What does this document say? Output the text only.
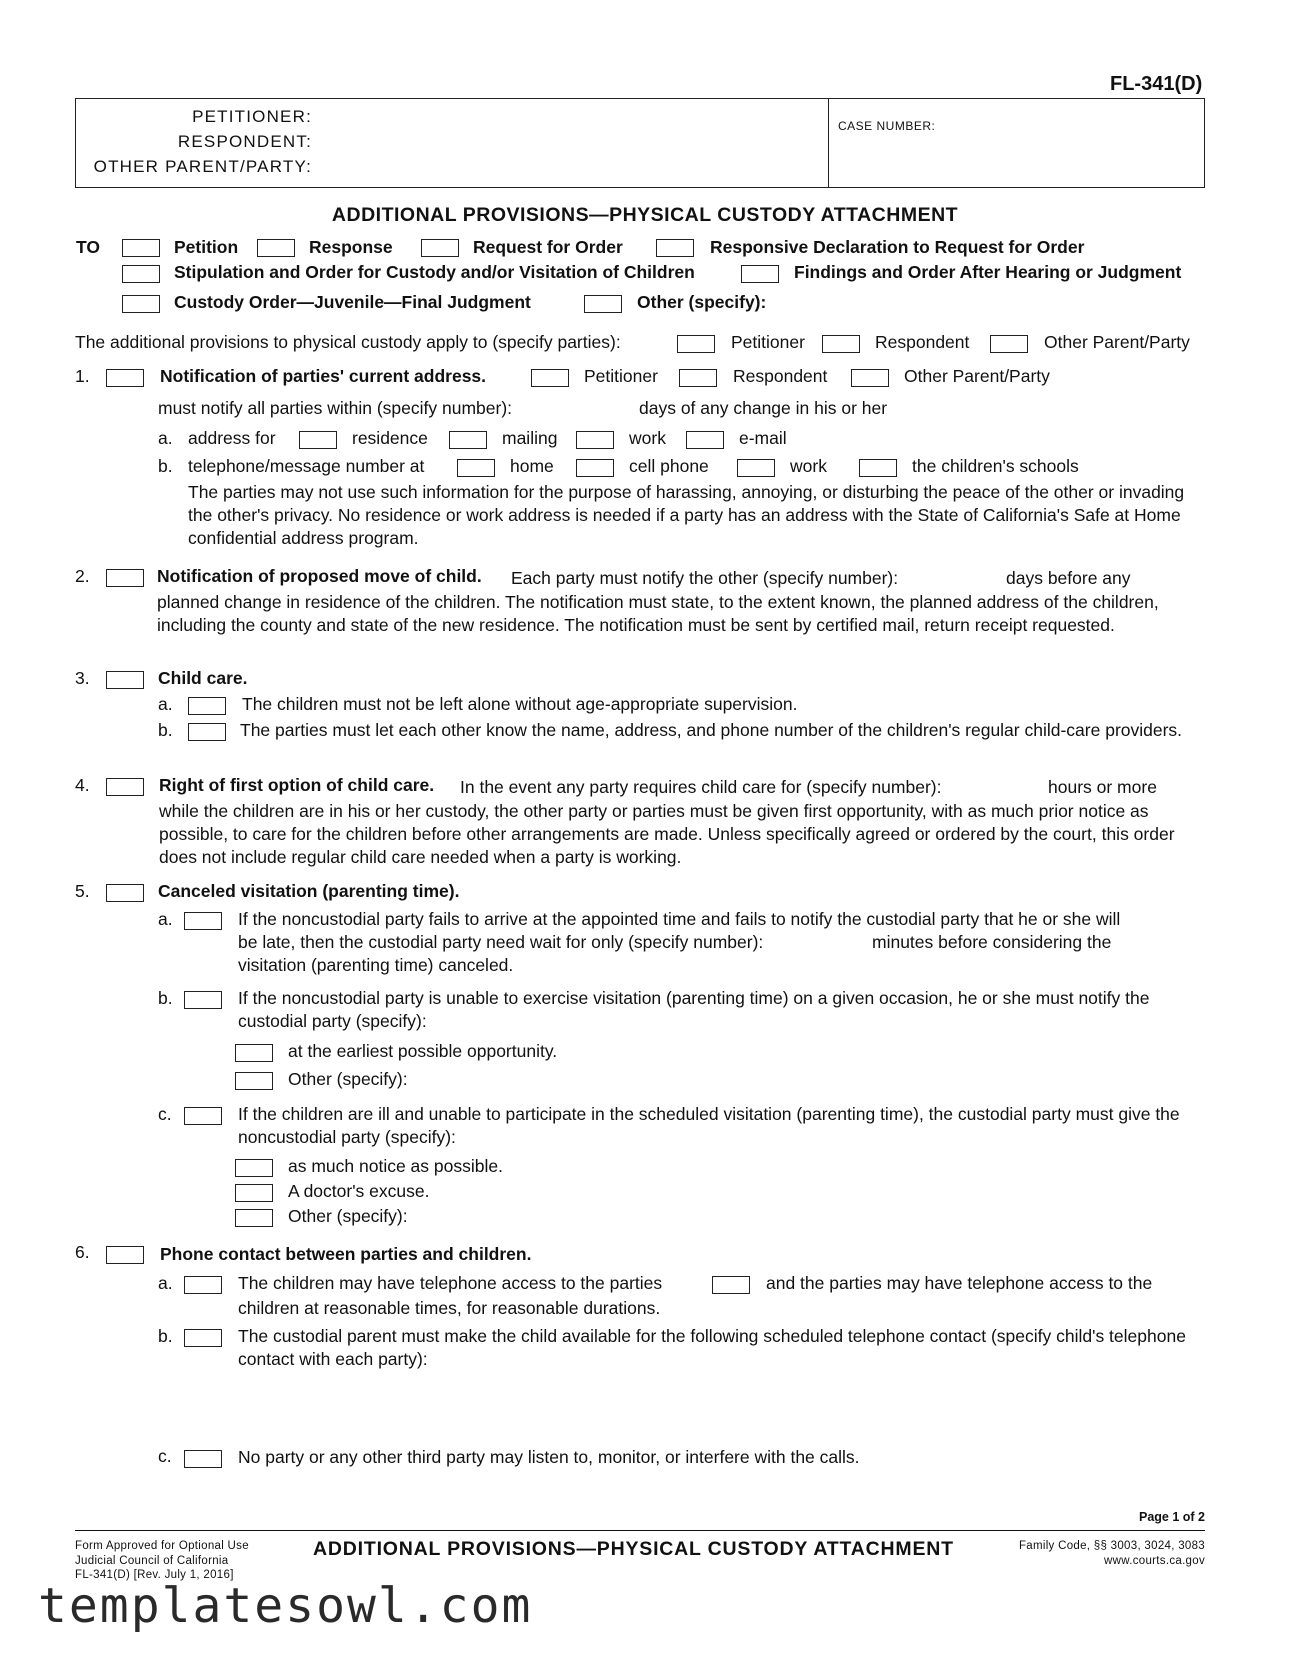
FL-341(D)
PETITIONER:
RESPONDENT:
OTHER PARENT/PARTY:
CASE NUMBER:
ADDITIONAL PROVISIONS—PHYSICAL CUSTODY ATTACHMENT
TO	Petition	Response	Request for Order	Responsive Declaration to Request for Order
Stipulation and Order for Custody and/or Visitation of Children	Findings and Order After Hearing or Judgment
Custody Order—Juvenile—Final Judgment	Other (specify):
The additional provisions to physical custody apply to (specify parties):	Petitioner	Respondent	Other Parent/Party
1.	Notification of parties' current address.	Petitioner	Respondent	Other Parent/Party
must notify all parties within (specify number):	days of any change in his or her
a. address for	residence	mailing	work	e-mail
b. telephone/message number at	home	cell phone	work	the children's schools
The parties may not use such information for the purpose of harassing, annoying, or disturbing the peace of the other or invading the other's privacy. No residence or work address is needed if a party has an address with the State of California's Safe at Home confidential address program.
2.	Notification of proposed move of child. Each party must notify the other (specify number):	days before any
planned change in residence of the children. The notification must state, to the extent known, the planned address of the children, including the county and state of the new residence. The notification must be sent by certified mail, return receipt requested.
3.	Child care.
a.	The children must not be left alone without age-appropriate supervision.
b.	The parties must let each other know the name, address, and phone number of the children's regular child-care providers.
4.	Right of first option of child care. In the event any party requires child care for (specify number):	hours or more
while the children are in his or her custody, the other party or parties must be given first opportunity, with as much prior notice as possible, to care for the children before other arrangements are made. Unless specifically agreed or ordered by the court, this order does not include regular child care needed when a party is working.
5.	Canceled visitation (parenting time).
a.	If the noncustodial party fails to arrive at the appointed time and fails to notify the custodial party that he or she will
be late, then the custodial party need wait for only (specify number):	minutes before considering the
visitation (parenting time) canceled.
b.	If the noncustodial party is unable to exercise visitation (parenting time) on a given occasion, he or she must notify the custodial party (specify):
at the earliest possible opportunity.
Other (specify):
c.	If the children are ill and unable to participate in the scheduled visitation (parenting time), the custodial party must give the noncustodial party (specify):
as much notice as possible.
A doctor's excuse.
Other (specify):
6.	Phone contact between parties and children.
a.	The children may have telephone access to the parties	and the parties may have telephone access to the
children at reasonable times, for reasonable durations.
b.	The custodial parent must make the child available for the following scheduled telephone contact (specify child's telephone contact with each party):
c.	No party or any other third party may listen to, monitor, or interfere with the calls.
Page 1 of 2
Form Approved for Optional Use
Judicial Council of California
FL-341(D) [Rev. July 1, 2016]
ADDITIONAL PROVISIONS—PHYSICAL CUSTODY ATTACHMENT	Family Code, §§ 3003, 3024, 3083
www.courts.ca.gov
templatesowl.com
